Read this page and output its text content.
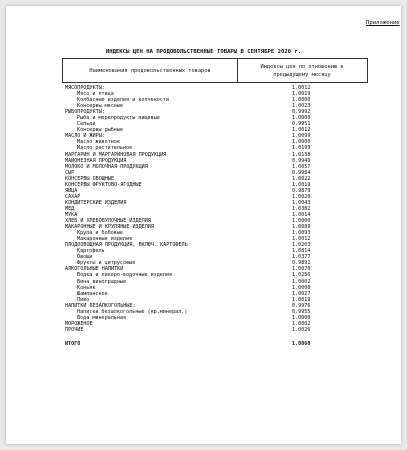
Приложение
ИНДЕКСЫ ЦЕН НА ПРОДОВОЛЬСТВЕННЫЕ ТОВАРЫ В СЕНТЯБРЕ 2020 г.
Наименования продовольственных товаров
Индексы цен по отношению к предыдущему месяцу
МЯСОПРОДУКТЫ:	1.0012
Мясо и птица	1.0019
Колбасные изделия и копчености	1.0000
Консервы мясные	1.0023
РЫБОПРОДУКТЫ:	0.9992
Рыба и морепродукты пищевые	1.0000
Сельди	0.9951
Консервы рыбные	1.0012
МАСЛО И ЖИРЫ:	1.0099
Масло животное	1.0000
Масло растительное	1.0199
МАРГАРИН И МАРГАРИНОВАЯ ПРОДУКЦИЯ	1.0138
МАЙОНЕЗНАЯ ПРОДУКЦИЯ	0.9949
МОЛОКО И МОЛОЧНАЯ ПРОДУКЦИЯ	1.0057
СЫР	0.9984
КОНСЕРВЫ ОВОЩНЫЕ	1.0022
КОНСЕРВЫ ФРУКТОВО-ЯГОДНЫЕ	1.0019
ЯЙЦА	0.9879
САХАР	1.0020
КОНДИТЕРСКИЕ ИЗДЕЛИЯ	1.0043
МЕД	1.0382
МУКА	1.0014
ХЛЕБ И ХЛЕБОБУЛОЧНЫЕ ИЗДЕЛИЯ	1.0000
МАКАРОННЫЕ И КРУПЯНЫЕ ИЗДЕЛИЯ	1.0089
Крупа и бобовые	1.0093
Макаронные изделия	1.0012
ПЛОДООВОЩНАЯ ПРОДУКЦИЯ, ВКЛЮЧ. КАРТОФЕЛЬ	1.0203
Картофель	1.0814
Овощи	1.0377
Фрукты и цитрусовые	0.9891
АЛКОГОЛЬНЫЕ НАПИТКИ	1.0070
Водка и ликеро-водочные изделия	1.0256
Вина виноградные	1.0002
Коньяк	1.0000
Шампанское	1.0027
Пиво	1.0019
НАПИТКИ БЕЗАЛКОГОЛЬНЫЕ:	0.9976
Напитки безалкогольные (кр.минерал.)	0.9955
Вода минеральная	1.0000
МОРОЖЕНОЕ	1.0002
ПРОЧИЕ	1.0026
ИТОГО	1.0060
